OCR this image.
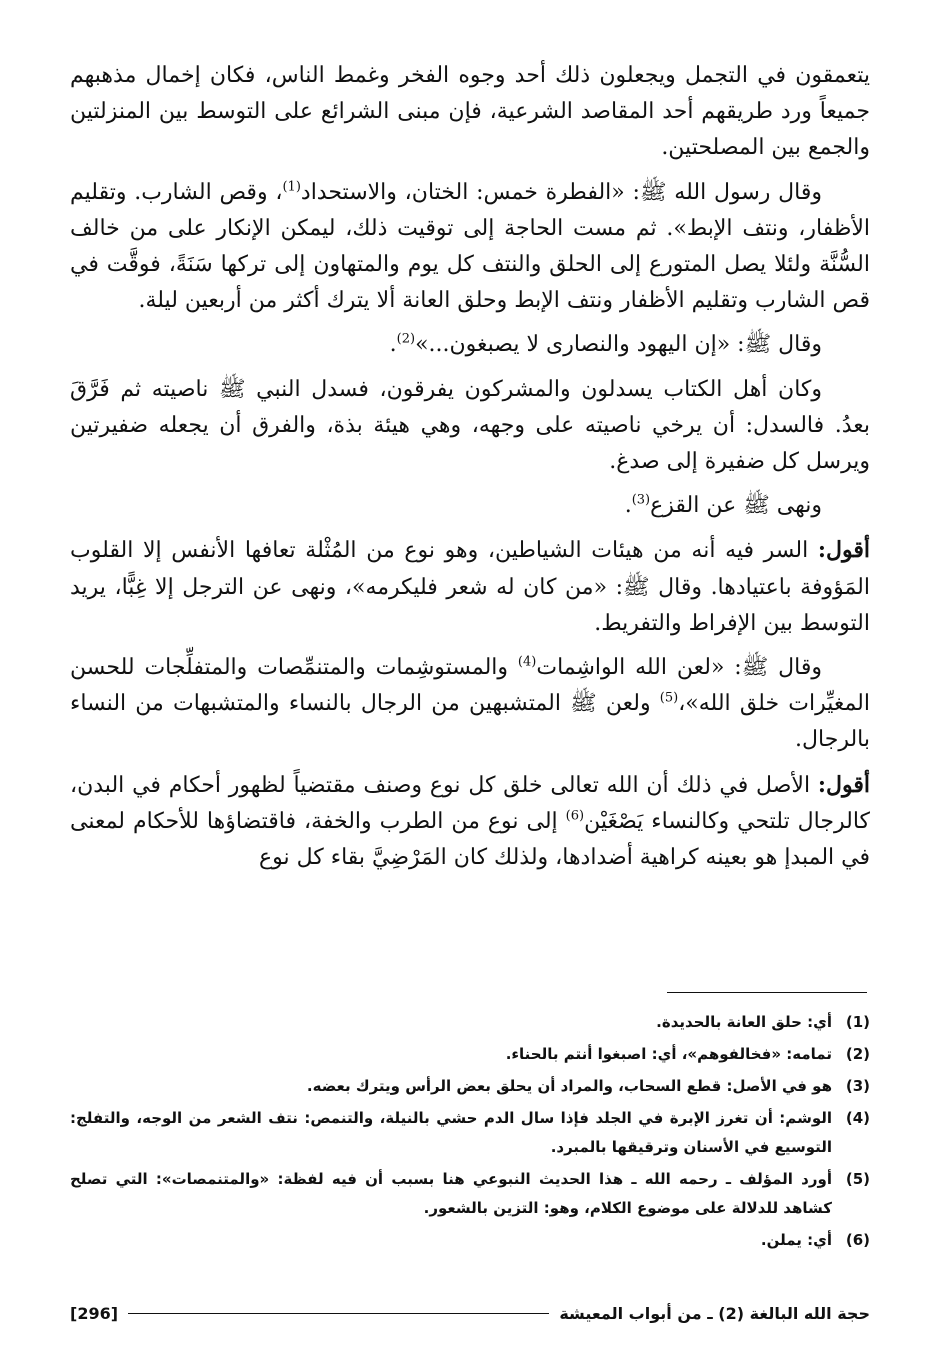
يتعمقون في التجمل ويجعلون ذلك أحد وجوه الفخر وغمط الناس، فكان إخمال مذهبهم جميعاً ورد طريقهم أحد المقاصد الشرعية، فإن مبنى الشرائع على التوسط بين المنزلتين والجمع بين المصلحتين.

وقال رسول الله ﷺ: «الفطرة خمس: الختان، والاستحداد$^{(1)}$، وقص الشارب. وتقليم الأظفار، ونتف الإبط». ثم مست الحاجة إلى توقيت ذلك، ليمكن الإنكار على من خالف السُّنَّة ولئلا يصل المتورع إلى الحلق والنتف كل يوم والمتهاون إلى تركها سَنَةً، فوقَّت في قص الشارب وتقليم الأظفار ونتف الإبط وحلق العانة ألا يترك أكثر من أربعين ليلة.

وقال ﷺ: «إن اليهود والنصارى لا يصبغون...»$^{(2)}$.

وكان أهل الكتاب يسدلون والمشركون يفرقون، فسدل النبي ﷺ ناصيته ثم فَرَّقَ بعدُ. فالسدل: أن يرخي ناصيته على وجهه، وهي هيئة بذة، والفرق أن يجعله ضفيرتين ويرسل كل ضفيرة إلى صدغ.

ونهى ﷺ عن القزع$^{(3)}$.

أقول: السر فيه أنه من هيئات الشياطين، وهو نوع من المُثْلة تعافها الأنفس إلا القلوب المَؤوفة باعتيادها. وقال ﷺ: «من كان له شعر فليكرمه»، ونهى عن الترجل إلا غِبًّا، يريد التوسط بين الإفراط والتفريط.

وقال ﷺ: «لعن الله الواشِمات$^{(4)}$ والمستوشِمات والمتنمِّصات والمتفلِّجات للحسن المغيِّرات خلق الله»،$^{(5)}$ ولعن ﷺ المتشبهين من الرجال بالنساء والمتشبهات من النساء بالرجال.

أقول: الأصل في ذلك أن الله تعالى خلق كل نوع وصنف مقتضياً لظهور أحكام في البدن، كالرجال تلتحي وكالنساء يَصْغَيْن$^{(6)}$ إلى نوع من الطرب والخفة، فاقتضاؤها للأحكام لمعنى في المبدإ هو بعينه كراهية أضدادها، ولذلك كان المَرْضِيَّ بقاء كل نوع

(1)
أي: حلق العانة بالحديدة.
(2)
تمامه: «فخالفوهم»، أي: اصبغوا أنتم بالحناء.
(3)
هو في الأصل: قطع السحاب، والمراد أن يحلق بعض الرأس ويترك بعضه.
(4)
الوشم: أن تغرز الإبرة في الجلد فإذا سال الدم حشي بالنيلة، والتنمص: نتف الشعر من الوجه، والتفلج: التوسيع في الأسنان وترقيقها بالمبرد.
(5)
أورد المؤلف ـ رحمه الله ـ هذا الحديث النبوعي هنا بسبب أن فيه لفظة: «والمتنمصات»: التي تصلح كشاهد للدلالة على موضوع الكلام، وهو: التزين بالشعور.
(6)
أي: يملن.
حجة الله البالغة (2) ـ من أبواب المعيشة
[296]
